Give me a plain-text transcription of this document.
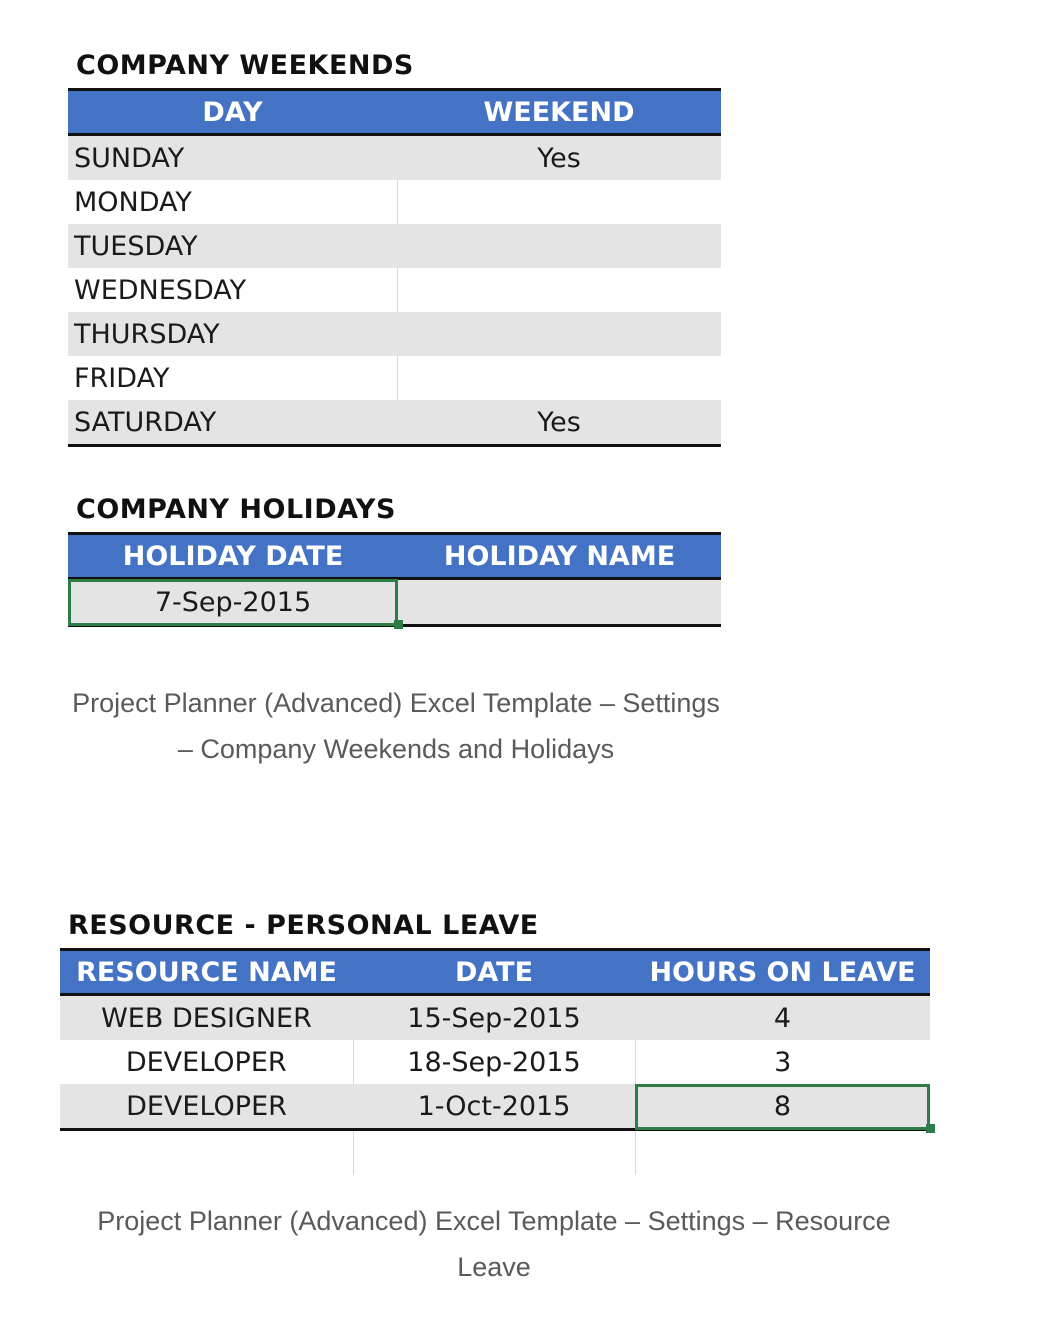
COMPANY WEEKENDS
DAY	WEEKEND
SUNDAY	Yes
MONDAY	
TUESDAY	
WEDNESDAY	
THURSDAY	
FRIDAY	
SATURDAY	Yes
COMPANY HOLIDAYS
HOLIDAY DATE	HOLIDAY NAME
7-Sep-2015

Project Planner (Advanced) Excel Template – Settings
– Company Weekends and Holidays
RESOURCE - PERSONAL LEAVE
RESOURCE NAME	DATE	HOURS ON LEAVE
WEB DESIGNER	15-Sep-2015	4
DEVELOPER	18-Sep-2015	3
DEVELOPER	1-Oct-2015	8

Project Planner (Advanced) Excel Template – Settings – Resource
Leave
